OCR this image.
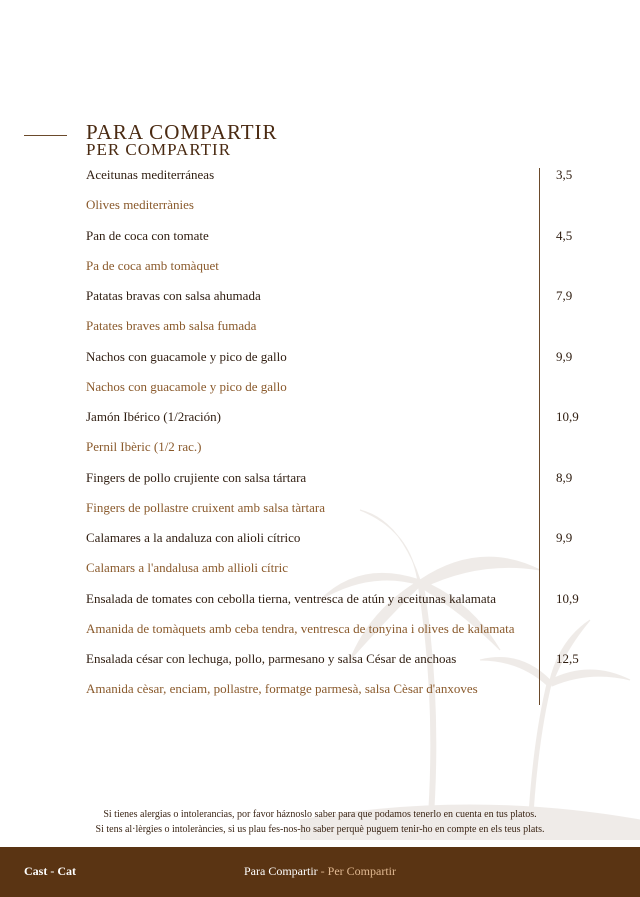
PARA COMPARTIR
PER COMPARTIR
Aceitunas mediterráneas	3,5
Olives mediterrànies
Pan de coca con tomate	4,5
Pa de coca amb tomàquet
Patatas bravas con salsa ahumada	7,9
Patates braves amb salsa fumada
Nachos con guacamole y pico de gallo	9,9
Nachos con guacamole y pico de gallo
Jamón Ibérico (1/2ración)	10,9
Pernil Ibèric (1/2 rac.)
Fingers de pollo crujiente con salsa tártara	8,9
Fingers de pollastre cruixent amb salsa tàrtara
Calamares a la andaluza con alioli cítrico	9,9
Calamars a l'andalusa amb allioli cítric
Ensalada de tomates con cebolla tierna, ventresca de atún y aceitunas kalamata	10,9
Amanida de tomàquets amb ceba tendra, ventresca de tonyina i olives de kalamata
Ensalada césar con lechuga, pollo, parmesano y salsa César de anchoas	12,5
Amanida cèsar, enciam, pollastre, formatge parmesà, salsa Cèsar d'anxoves
Si tienes alergias o intolerancias, por favor háznoslo saber para que podamos tenerlo en cuenta en tus platos.
Si tens al·lèrgies o intoleràncies, si us plau fes-nos-ho saber perquè puguem tenir-ho en compte en els teus plats.
Cast - Cat	Para Compartir - Per Compartir
